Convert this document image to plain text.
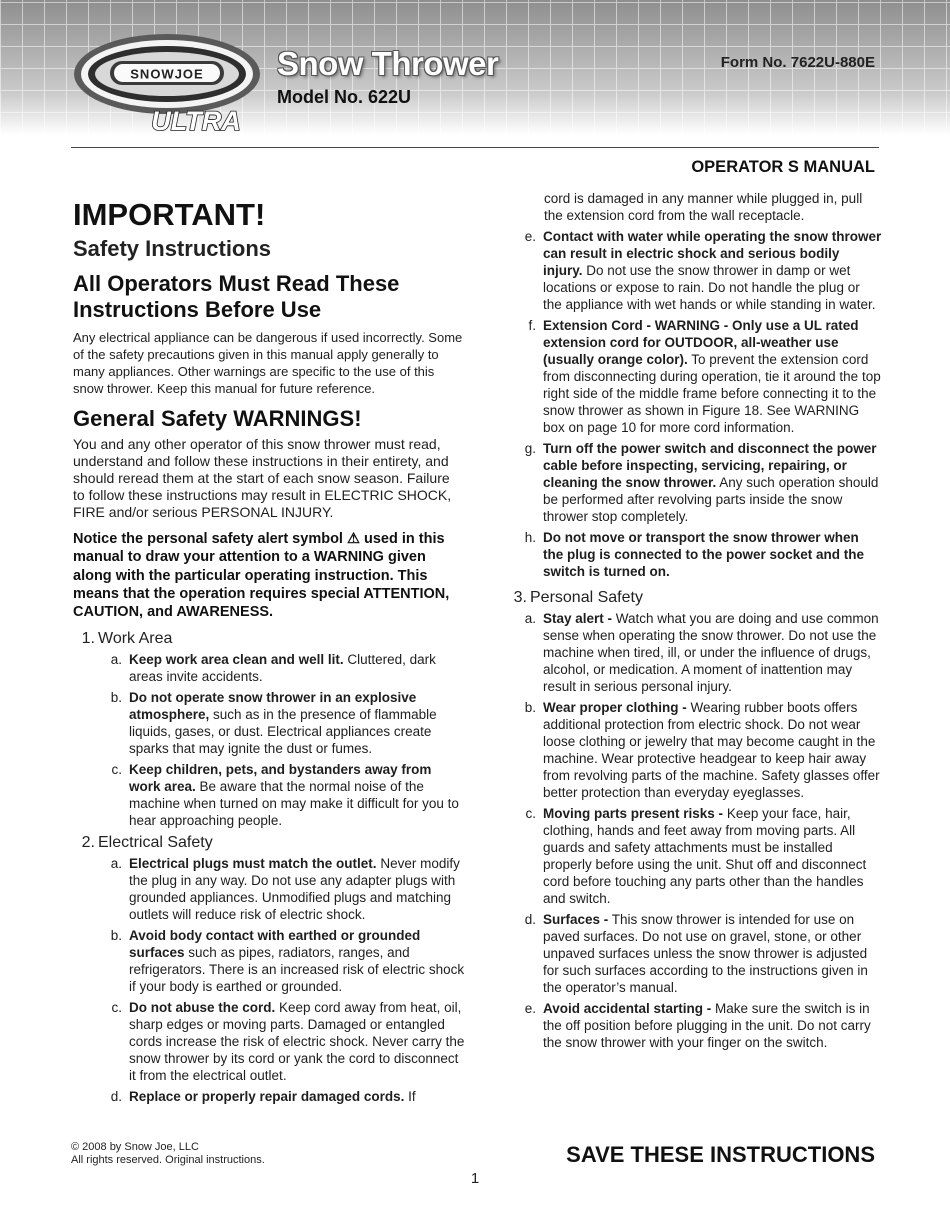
SNOWJOE
ULTRA
Snow Thrower
Model No. 622U
Form No. 7622U-880E
OPERATOR S MANUAL
IMPORTANT!
Safety Instructions
All Operators Must Read These Instructions Before Use

Any electrical appliance can be dangerous if used incorrectly. Some of the safety precautions given in this manual apply generally to many appliances. Other warnings are specific to the use of this snow thrower. Keep this manual for future reference.

General Safety WARNINGS!

You and any other operator of this snow thrower must read, understand and follow these instructions in their entirety, and should reread them at the start of each snow season. Failure to follow these instructions may result in ELECTRIC SHOCK, FIRE and/or serious PERSONAL INJURY.

Notice the personal safety alert symbol ⚠ used in this manual to draw your attention to a WARNING given along with the particular operating instruction. This means that the operation requires special ATTENTION, CAUTION, and AWARENESS.

1. Work Area
a. Keep work area clean and well lit. Cluttered, dark areas invite accidents.
b. Do not operate snow thrower in an explosive atmosphere, such as in the presence of flammable liquids, gases, or dust. Electrical appliances create sparks that may ignite the dust or fumes.
c. Keep children, pets, and bystanders away from work area. Be aware that the normal noise of the machine when turned on may make it difficult for you to hear approaching people.
2. Electrical Safety
a. Electrical plugs must match the outlet. Never modify the plug in any way. Do not use any adapter plugs with grounded appliances. Unmodified plugs and matching outlets will reduce risk of electric shock.
b. Avoid body contact with earthed or grounded surfaces such as pipes, radiators, ranges, and refrigerators. There is an increased risk of electric shock if your body is earthed or grounded.
c. Do not abuse the cord. Keep cord away from heat, oil, sharp edges or moving parts. Damaged or entangled cords increase the risk of electric shock. Never carry the snow thrower by its cord or yank the cord to disconnect it from the electrical outlet.
d. Replace or properly repair damaged cords. If
cord is damaged in any manner while plugged in, pull the extension cord from the wall receptacle.
e. Contact with water while operating the snow thrower can result in electric shock and serious bodily injury. Do not use the snow thrower in damp or wet locations or expose to rain. Do not handle the plug or the appliance with wet hands or while standing in water.
f. Extension Cord - WARNING - Only use a UL rated extension cord for OUTDOOR, all-weather use (usually orange color). To prevent the extension cord from disconnecting during operation, tie it around the top right side of the middle frame before connecting it to the snow thrower as shown in Figure 18. See WARNING box on page 10 for more cord information.
g. Turn off the power switch and disconnect the power cable before inspecting, servicing, repairing, or cleaning the snow thrower. Any such operation should be performed after revolving parts inside the snow thrower stop completely.
h. Do not move or transport the snow thrower when the plug is connected to the power socket and the switch is turned on.
3. Personal Safety
a. Stay alert - Watch what you are doing and use common sense when operating the snow thrower. Do not use the machine when tired, ill, or under the influence of drugs, alcohol, or medication. A moment of inattention may result in serious personal injury.
b. Wear proper clothing - Wearing rubber boots offers additional protection from electric shock. Do not wear loose clothing or jewelry that may become caught in the machine. Wear protective headgear to keep hair away from revolving parts of the machine. Safety glasses offer better protection than everyday eyeglasses.
c. Moving parts present risks - Keep your face, hair, clothing, hands and feet away from moving parts. All guards and safety attachments must be installed properly before using the unit. Shut off and disconnect cord before touching any parts other than the handles and switch.
d. Surfaces - This snow thrower is intended for use on paved surfaces. Do not use on gravel, stone, or other unpaved surfaces unless the snow thrower is adjusted for such surfaces according to the instructions given in the operator’s manual.
e. Avoid accidental starting - Make sure the switch is in the off position before plugging in the unit. Do not carry the snow thrower with your finger on the switch.
© 2008 by Snow Joe, LLC
All rights reserved. Original instructions.	SAVE THESE INSTRUCTIONS
1
